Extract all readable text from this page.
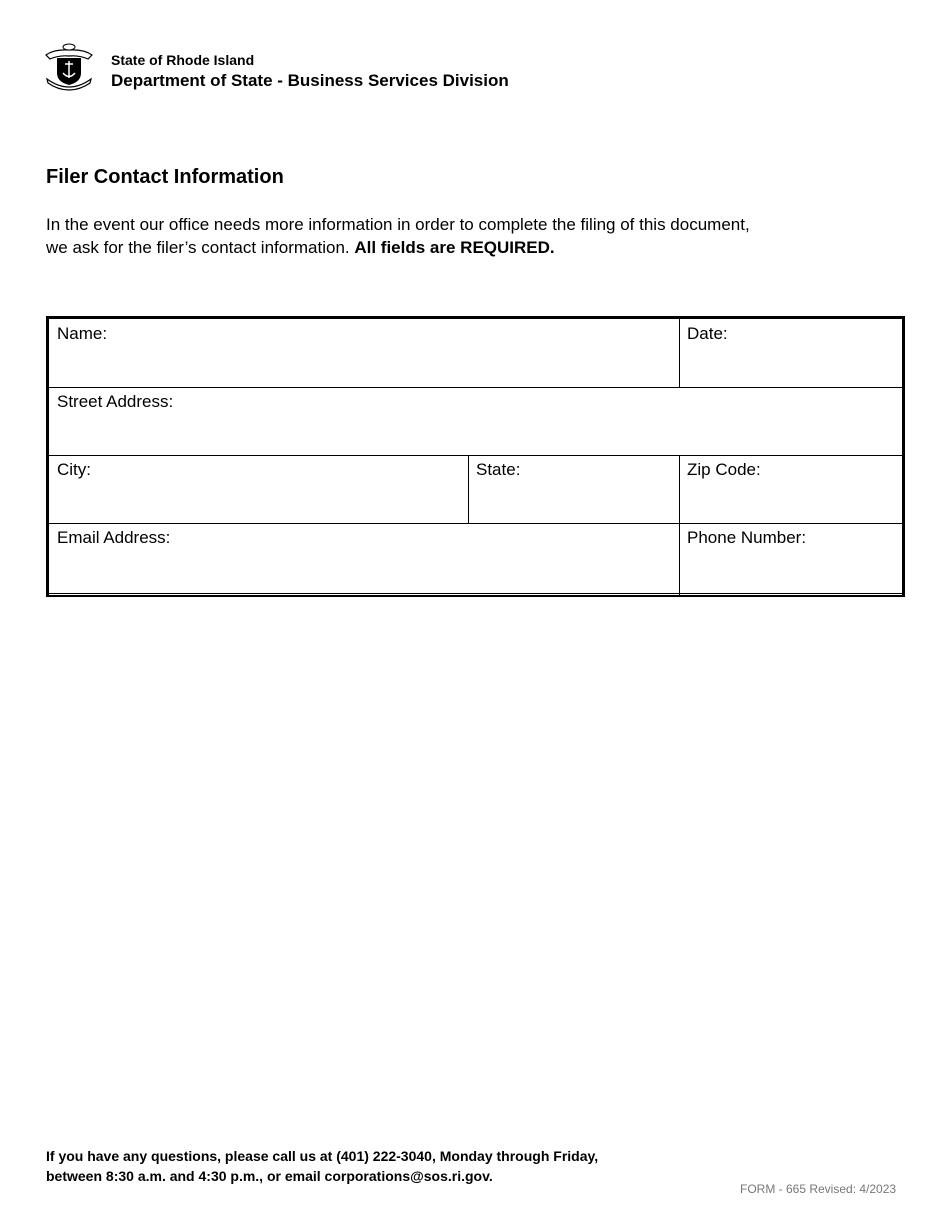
State of Rhode Island
Department of State - Business Services Division
Filer Contact Information
In the event our office needs more information in order to complete the filing of this document, we ask for the filer’s contact information. All fields are REQUIRED.
Name:	Date:
Street Address:
City:	State:	Zip Code:
Email Address:	Phone Number:
If you have any questions, please call us at (401) 222-3040, Monday through Friday,
between 8:30 a.m. and 4:30 p.m., or email corporations@sos.ri.gov.
FORM - 665 Revised: 4/2023
